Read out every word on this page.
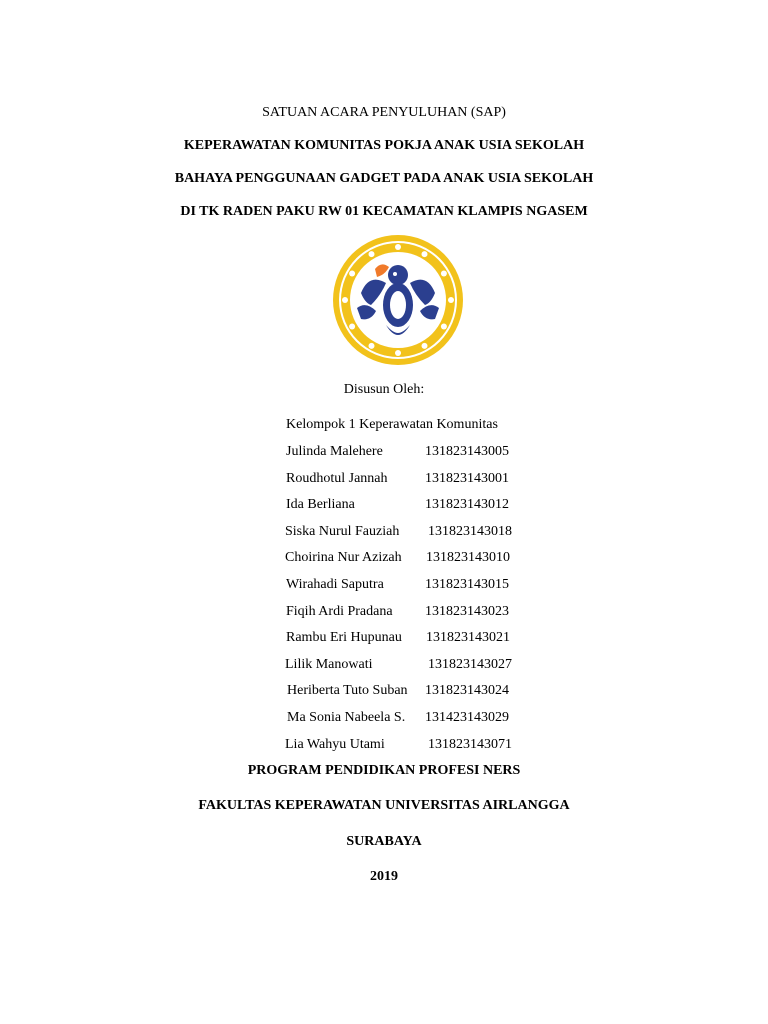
SATUAN ACARA PENYULUHAN (SAP)
KEPERAWATAN KOMUNITAS POKJA ANAK USIA SEKOLAH
BAHAYA PENGGUNAAN GADGET PADA ANAK USIA SEKOLAH
DI TK RADEN PAKU RW 01 KECAMATAN KLAMPIS NGASEM
Disusun Oleh:
Kelompok 1 Keperawatan Komunitas
Julinda Malehere	131823143005
Roudhotul Jannah	131823143001
Ida Berliana	131823143012
Siska Nurul Fauziah 131823143018
Choirina Nur Azizah 131823143010
Wirahadi Saputra	131823143015
Fiqih Ardi Pradana 131823143023
Rambu Eri Hupunau 131823143021
Lilik Manowati	131823143027
Heriberta Tuto Suban 131823143024
Ma Sonia Nabeela S. 131423143029
Lia Wahyu Utami	131823143071
PROGRAM PENDIDIKAN PROFESI NERS
FAKULTAS KEPERAWATAN UNIVERSITAS AIRLANGGA
SURABAYA
2019
